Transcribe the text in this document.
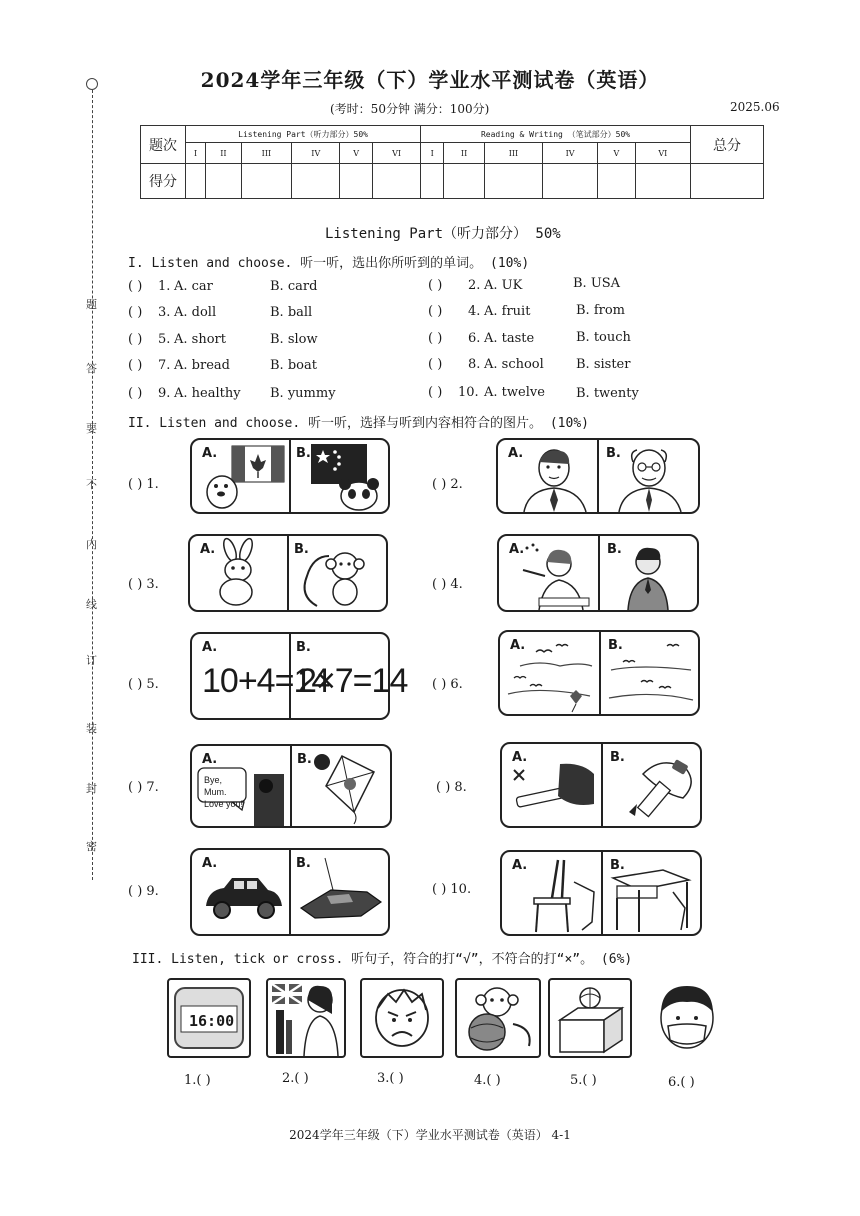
题
答
要
不
内
线
订
装
封
密
2024学年三年级（下）学业水平测试卷（英语）
(考时：50分钟 满分：100分)	2025.06
题次	Listening Part（听力部分）50%						Reading & Writing （笔试部分）50%						总分
	I	II	III	IV	V	VI	I	II	III	IV	V	VI	
得分													
Listening Part（听力部分） 50%
I. Listen and choose. 听一听，选出你所听到的单词。 (10%)
( ) 1. A. car	B. card	( ) 2. A. UK	B. USA
( ) 3. A. doll	B. ball	( ) 4. A. fruit	B. from
( ) 5. A. short	B. slow	( ) 6. A. taste	B. touch
( ) 7. A. bread	B. boat	( ) 8. A. school B. sister
( ) 9. A. healthy B. yummy	( ) 10. A. twelve B. twenty
II. Listen and choose. 听一听，选择与听到内容相符合的图片。 (10%)
( ) 1.
A.	B.
( ) 2.
A.	B.
( ) 3.
A.	B.
( ) 4.
A.	B.
( ) 5.
A.	B.
10+4=14
2×7=14 ( ) 6.
A.	B.
( ) 7.
A.	B.
Bye, Mum. Love you!
( ) 8.
A.	B.
( ) 9.
A.	B.
( ) 10.
A.	B.
III. Listen, tick or cross. 听句子，符合的打“√”，不符合的打“×”。 (6%)
16:00
1.( )	2.( )	3.( )	4.( )	5.( )	6.( )
2024学年三年级（下）学业水平测试卷（英语） 4-1
